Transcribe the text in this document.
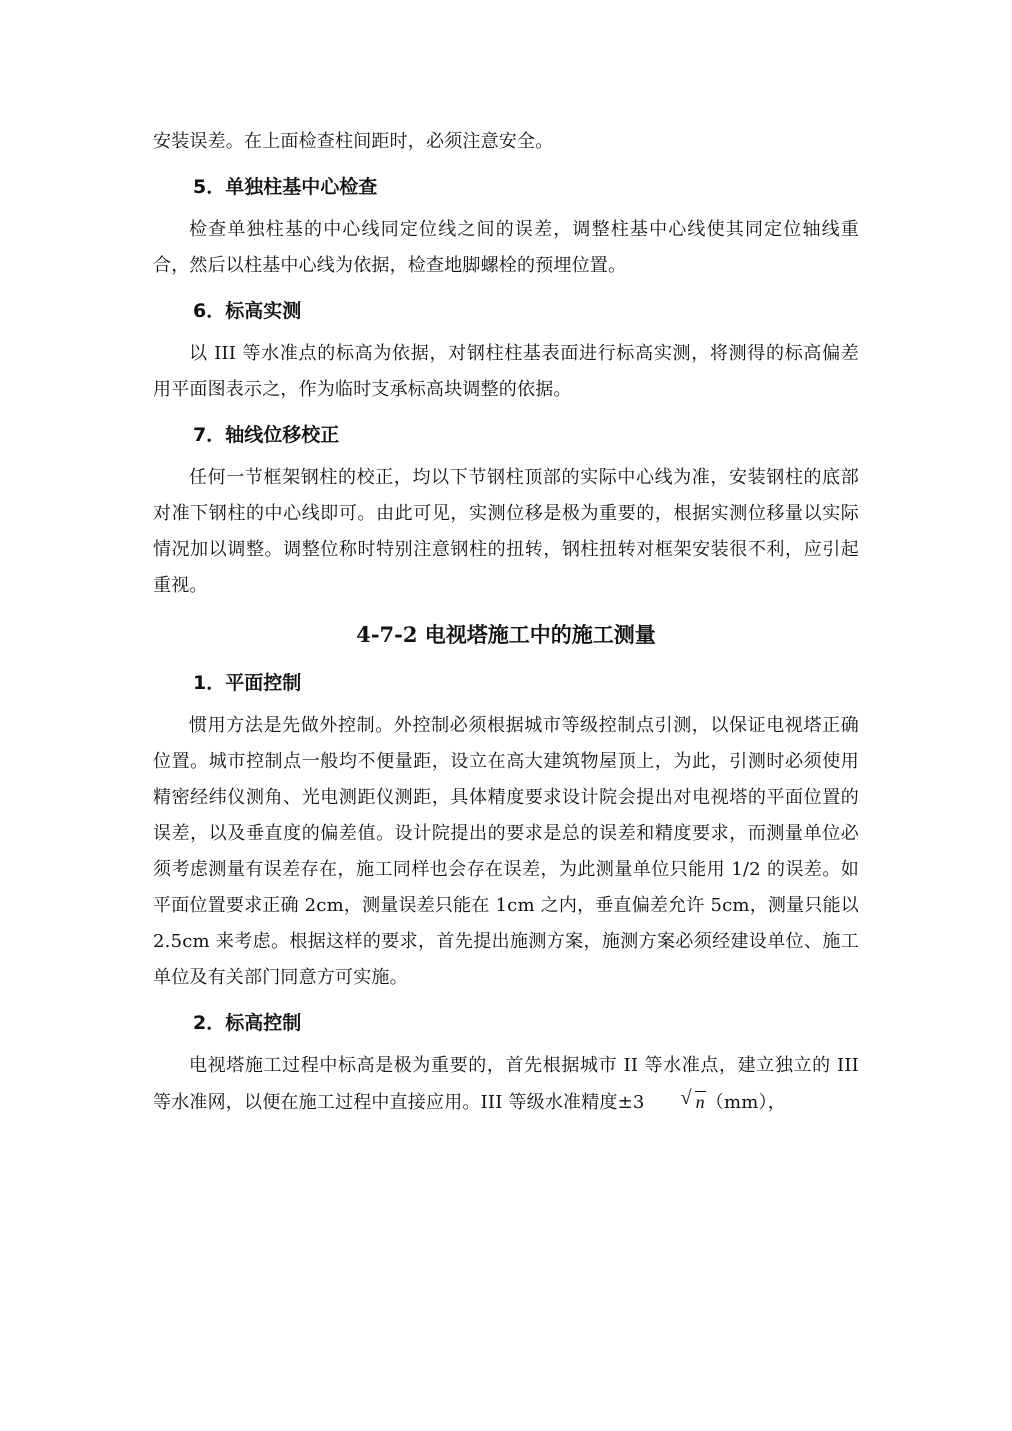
安装误差。在上面检查柱间距时，必须注意安全。

5．单独柱基中心检查

检查单独柱基的中心线同定位线之间的误差，调整柱基中心线使其同定位轴线重合，然后以柱基中心线为依据，检查地脚螺栓的预埋位置。

6．标高实测

以 III 等水准点的标高为依据，对钢柱柱基表面进行标高实测，将测得的标高偏差用平面图表示之，作为临时支承标高块调整的依据。

7．轴线位移校正

任何一节框架钢柱的校正，均以下节钢柱顶部的实际中心线为准，安装钢柱的底部对准下钢柱的中心线即可。由此可见，实测位移是极为重要的，根据实测位移量以实际情况加以调整。调整位称时特别注意钢柱的扭转，钢柱扭转对框架安装很不利，应引起重视。

4-7-2 电视塔施工中的施工测量
1．平面控制

惯用方法是先做外控制。外控制必须根据城市等级控制点引测，以保证电视塔正确位置。城市控制点一般均不便量距，设立在高大建筑物屋顶上，为此，引测时必须使用精密经纬仪测角、光电测距仪测距，具体精度要求设计院会提出对电视塔的平面位置的误差，以及垂直度的偏差值。设计院提出的要求是总的误差和精度要求，而测量单位必须考虑测量有误差存在，施工同样也会存在误差，为此测量单位只能用 1/2 的误差。如平面位置要求正确 2cm，测量误差只能在 1cm 之内，垂直偏差允许 5cm，测量只能以 2.5cm 来考虑。根据这样的要求，首先提出施测方案，施测方案必须经建设单位、施工单位及有关部门同意方可实施。

2．标高控制

电视塔施工过程中标高是极为重要的，首先根据城市 II 等水准点，建立独立的 III 等水准网，以便在施工过程中直接应用。III 等级水准精度±3	√ n（mm），
